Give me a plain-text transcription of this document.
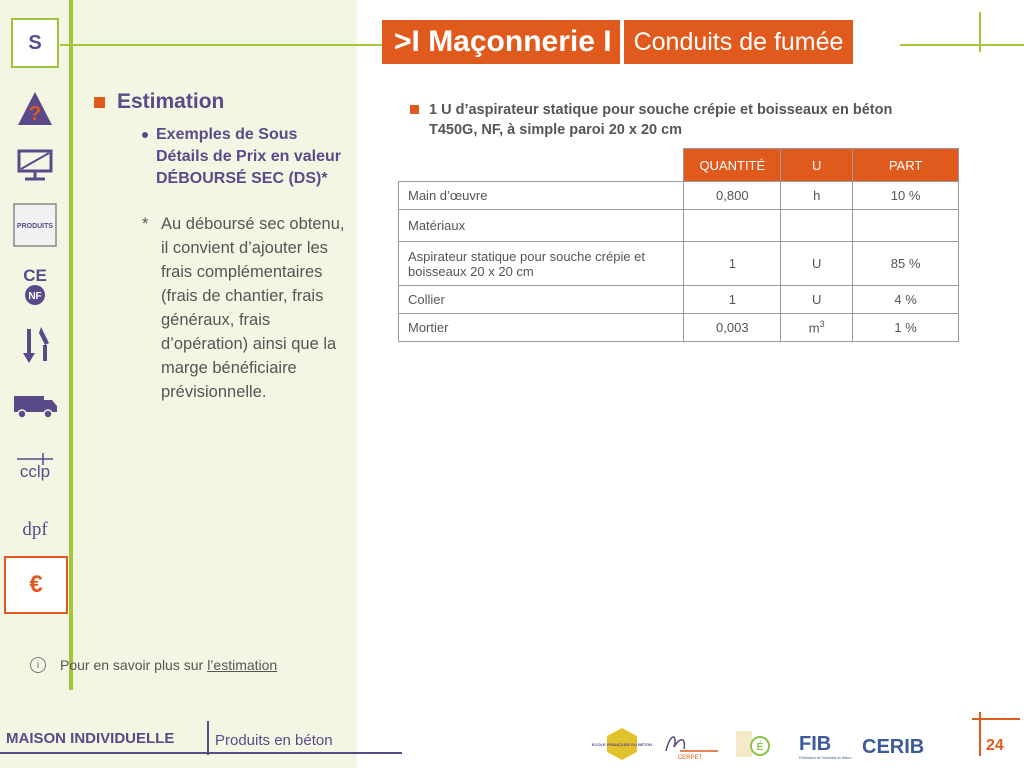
S
?
PRODUITS
CE
NF
cclp
dpf
€
>I Maçonnerie I Conduits de fumée
Estimation
Exemples de Sous Détails de Prix en valeur DÉBOURSÉ SEC (DS)*
* Au déboursé sec obtenu, il convient d’ajouter les frais complémentaires (frais de chantier, frais généraux, frais d’opération) ainsi que la marge bénéficiaire prévisionnelle.
i	Pour en savoir plus sur l’estimation
1 U d’aspirateur statique pour souche crépie et boisseaux en béton T450G, NF, à simple paroi 20 x 20 cm
	QUANTITÉ	U	PART
Main d’œuvre	0,800	h	10 %
Matériaux			
Aspirateur statique pour souche crépie et boisseaux 20 x 20 cm	1	U	85 %
Collier	1	U	4 %
Mortier	0,003	$m^3$	1 %
MAISON INDIVIDUELLE	Produits en béton	ECOLE FRANÇAISE DU BÉTON
CERPET
É FIB
Fédération de l'Industrie du Béton CERIB	24
